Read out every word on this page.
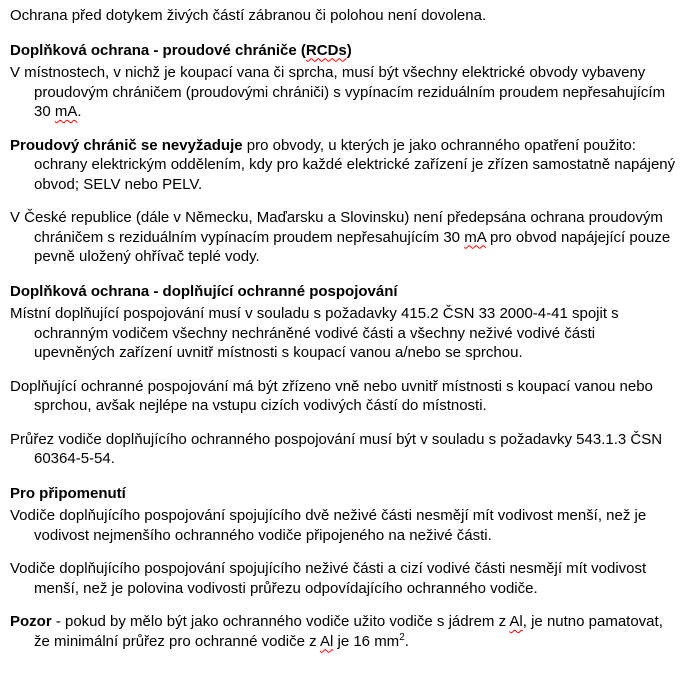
Ochrana před dotykem živých částí zábranou či polohou není dovolena.

Doplňková ochrana - proudové chrániče (RCDs)

V místnostech, v nichž je koupací vana či sprcha, musí být všechny elektrické obvody vybaveny proudovým chráničem (proudovými chrániči) s vypínacím reziduálním proudem nepřesahujícím 30 mA.

Proudový chránič se nevyžaduje pro obvody, u kterých je jako ochranného opatření použito: ochrany elektrickým oddělením, kdy pro každé elektrické zařízení je zřízen samostatně napájený obvod; SELV nebo PELV.

V České republice (dále v Německu, Maďarsku a Slovinsku) není předepsána ochrana proudovým chráničem s reziduálním vypínacím proudem nepřesahujícím 30 mA pro obvod napájející pouze pevně uložený ohřívač teplé vody.

Doplňková ochrana - doplňující ochranné pospojování

Místní doplňující pospojování musí v souladu s požadavky 415.2 ČSN 33 2000-4-41 spojit s ochranným vodičem všechny nechráněné vodivé části a všechny neživé vodivé části upevněných zařízení uvnitř místnosti s koupací vanou a/nebo se sprchou.

Doplňující ochranné pospojování má být zřízeno vně nebo uvnitř místnosti s koupací vanou nebo sprchou, avšak nejlépe na vstupu cizích vodivých částí do místnosti.

Průřez vodiče doplňujícího ochranného pospojování musí být v souladu s požadavky 543.1.3 ČSN 60364-5-54.

Pro připomenutí

Vodiče doplňujícího pospojování spojujícího dvě neživé části nesmějí mít vodivost menší, než je vodivost nejmenšího ochranného vodiče připojeného na neživé části.

Vodiče doplňujícího pospojování spojujícího neživé části a cizí vodivé části nesmějí mít vodivost menší, než je polovina vodivosti průřezu odpovídajícího ochranného vodiče.

Pozor - pokud by mělo být jako ochranného vodiče užito vodiče s jádrem z Al, je nutno pamatovat, že minimální průřez pro ochranné vodiče z Al je 16 $mm^2$.
